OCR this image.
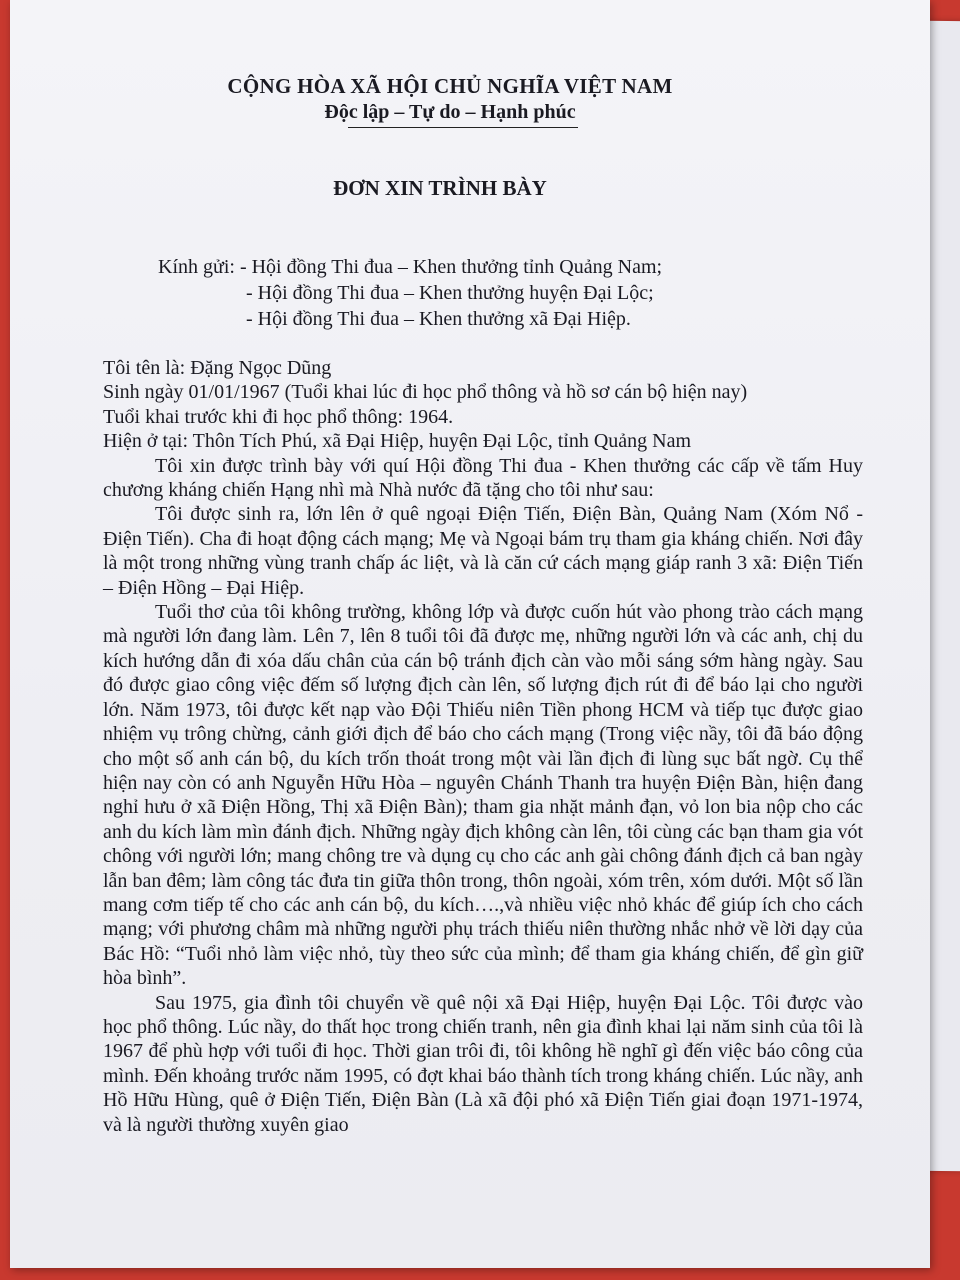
CỘNG HÒA XÃ HỘI CHỦ NGHĨA VIỆT NAM
Độc lập – Tự do – Hạnh phúc
ĐƠN XIN TRÌNH BÀY
Kính gửi: - Hội đồng Thi đua – Khen thưởng tỉnh Quảng Nam;
- Hội đồng Thi đua – Khen thưởng huyện Đại Lộc;
- Hội đồng Thi đua – Khen thưởng xã Đại Hiệp.

Tôi tên là: Đặng Ngọc Dũng

Sinh ngày 01/01/1967 (Tuổi khai lúc đi học phổ thông và hồ sơ cán bộ hiện nay)

Tuổi khai trước khi đi học phổ thông: 1964.

Hiện ở tại: Thôn Tích Phú, xã Đại Hiệp, huyện Đại Lộc, tỉnh Quảng Nam

Tôi xin được trình bày với quí Hội đồng Thi đua - Khen thưởng các cấp về tấm Huy chương kháng chiến Hạng nhì mà Nhà nước đã tặng cho tôi như sau:

Tôi được sinh ra, lớn lên ở quê ngoại Điện Tiến, Điện Bàn, Quảng Nam (Xóm Nổ - Điện Tiến). Cha đi hoạt động cách mạng; Mẹ và Ngoại bám trụ tham gia kháng chiến. Nơi đây là một trong những vùng tranh chấp ác liệt, và là căn cứ cách mạng giáp ranh 3 xã: Điện Tiến – Điện Hồng – Đại Hiệp.

Tuổi thơ của tôi không trường, không lớp và được cuốn hút vào phong trào cách mạng mà người lớn đang làm. Lên 7, lên 8 tuổi tôi đã được mẹ, những người lớn và các anh, chị du kích hướng dẫn đi xóa dấu chân của cán bộ tránh địch càn vào mỗi sáng sớm hàng ngày. Sau đó được giao công việc đếm số lượng địch càn lên, số lượng địch rút đi để báo lại cho người lớn. Năm 1973, tôi được kết nạp vào Đội Thiếu niên Tiền phong HCM và tiếp tục được giao nhiệm vụ trông chừng, cảnh giới địch để báo cho cách mạng (Trong việc nầy, tôi đã báo động cho một số anh cán bộ, du kích trốn thoát trong một vài lần địch đi lùng sục bất ngờ. Cụ thể hiện nay còn có anh Nguyễn Hữu Hòa – nguyên Chánh Thanh tra huyện Điện Bàn, hiện đang nghỉ hưu ở xã Điện Hồng, Thị xã Điện Bàn); tham gia nhặt mảnh đạn, vỏ lon bia nộp cho các anh du kích làm mìn đánh địch. Những ngày địch không càn lên, tôi cùng các bạn tham gia vót chông với người lớn; mang chông tre và dụng cụ cho các anh gài chông đánh địch cả ban ngày lẫn ban đêm; làm công tác đưa tin giữa thôn trong, thôn ngoài, xóm trên, xóm dưới. Một số lần mang cơm tiếp tế cho các anh cán bộ, du kích….,và nhiều việc nhỏ khác để giúp ích cho cách mạng; với phương châm mà những người phụ trách thiếu niên thường nhắc nhở về lời dạy của Bác Hồ: “Tuổi nhỏ làm việc nhỏ, tùy theo sức của mình; để tham gia kháng chiến, để gìn giữ hòa bình”.

Sau 1975, gia đình tôi chuyển về quê nội xã Đại Hiệp, huyện Đại Lộc. Tôi được vào học phổ thông. Lúc nầy, do thất học trong chiến tranh, nên gia đình khai lại năm sinh của tôi là 1967 để phù hợp với tuổi đi học. Thời gian trôi đi, tôi không hề nghĩ gì đến việc báo công của mình. Đến khoảng trước năm 1995, có đợt khai báo thành tích trong kháng chiến. Lúc nầy, anh Hồ Hữu Hùng, quê ở Điện Tiến, Điện Bàn (Là xã đội phó xã Điện Tiến giai đoạn 1971-1974, và là người thường xuyên giao
